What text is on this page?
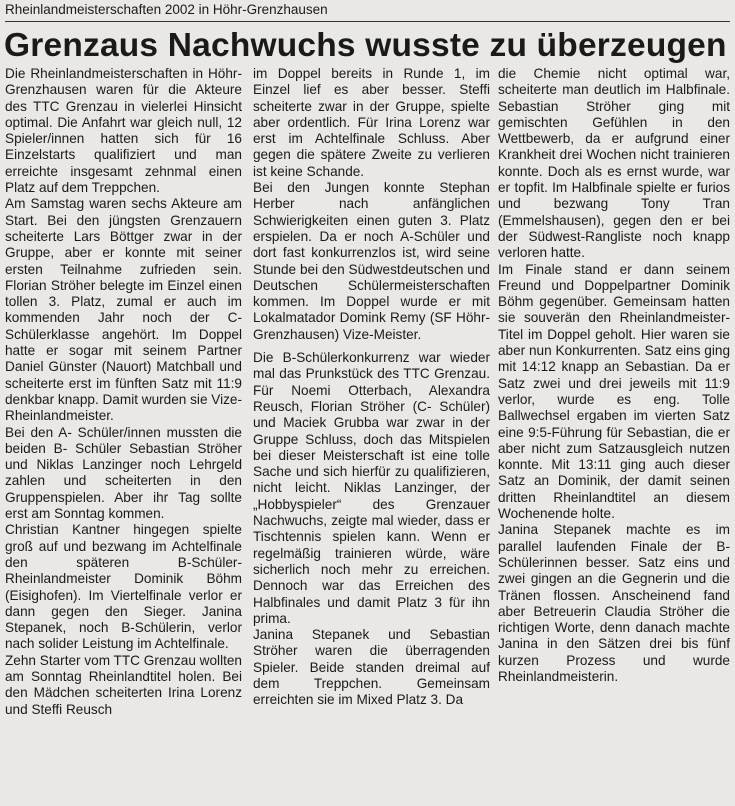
Rheinlandmeisterschaften 2002 in Höhr-Grenzhausen
Grenzaus Nachwuchs wusste zu überzeugen

Die Rheinlandmeisterschaften in Höhr-Grenzhausen waren für die Akteure des TTC Grenzau in vielerlei Hinsicht optimal. Die Anfahrt war gleich null, 12 Spieler/innen hatten sich für 16 Einzelstarts qualifiziert und man erreichte insgesamt zehnmal einen Platz auf dem Treppchen.

Am Samstag waren sechs Akteure am Start. Bei den jüngsten Grenzauern scheiterte Lars Böttger zwar in der Gruppe, aber er konnte mit seiner ersten Teilnahme zufrieden sein. Florian Ströher belegte im Einzel einen tollen 3. Platz, zumal er auch im kommenden Jahr noch der C- Schülerklasse angehört. Im Doppel hatte er sogar mit seinem Partner Daniel Günster (Nauort) Matchball und scheiterte erst im fünften Satz mit 11:9 denkbar knapp. Damit wurden sie Vize-Rheinlandmeister.

Bei den A- Schüler/innen mussten die beiden B- Schüler Sebastian Ströher und Niklas Lanzinger noch Lehrgeld zahlen und scheiterten in den Gruppenspielen. Aber ihr Tag sollte erst am Sonntag kommen.

Christian Kantner hingegen spielte groß auf und bezwang im Achtelfinale den späteren B-Schüler-Rheinlandmeister Dominik Böhm (Eisighofen). Im Viertelfinale verlor er dann gegen den Sieger. Janina Stepanek, noch B-Schülerin, verlor nach solider Leistung im Achtelfinale.

Zehn Starter vom TTC Grenzau wollten am Sonntag Rheinlandtitel holen. Bei den Mädchen scheiterten Irina Lorenz und Steffi Reusch

im Doppel bereits in Runde 1, im Einzel lief es aber besser. Steffi scheiterte zwar in der Gruppe, spielte aber ordentlich. Für Irina Lorenz war erst im Achtelfinale Schluss. Aber gegen die spätere Zweite zu verlieren ist keine Schande.

Bei den Jungen konnte Stephan Herber nach anfänglichen Schwierigkeiten einen guten 3. Platz erspielen. Da er noch A-Schüler und dort fast konkurrenzlos ist, wird seine Stunde bei den Südwestdeutschen und Deutschen Schülermeisterschaften kommen. Im Doppel wurde er mit Lokalmatador Domink Remy (SF Höhr-Grenzhausen) Vize-Meister.

Die B-Schülerkonkurrenz war wieder mal das Prunkstück des TTC Grenzau. Für Noemi Otterbach, Alexandra Reusch, Florian Ströher (C- Schüler) und Maciek Grubba war zwar in der Gruppe Schluss, doch das Mitspielen bei dieser Meisterschaft ist eine tolle Sache und sich hierfür zu qualifizieren, nicht leicht. Niklas Lanzinger, der „Hobbyspieler“ des Grenzauer Nachwuchs, zeigte mal wieder, dass er Tischtennis spielen kann. Wenn er regelmäßig trainieren würde, wäre sicherlich noch mehr zu erreichen. Dennoch war das Erreichen des Halbfinales und damit Platz 3 für ihn prima.

Janina Stepanek und Sebastian Ströher waren die überragenden Spieler. Beide standen dreimal auf dem Treppchen. Gemeinsam erreichten sie im Mixed Platz 3. Da

die Chemie nicht optimal war, scheiterte man deutlich im Halbfinale. Sebastian Ströher ging mit gemischten Gefühlen in den Wettbewerb, da er aufgrund einer Krankheit drei Wochen nicht trainieren konnte. Doch als es ernst wurde, war er topfit. Im Halbfinale spielte er furios und bezwang Tony Tran (Emmelshausen), gegen den er bei der Südwest-Rangliste noch knapp verloren hatte.

Im Finale stand er dann seinem Freund und Doppelpartner Dominik Böhm gegenüber. Gemeinsam hatten sie souverän den Rheinlandmeister-Titel im Doppel geholt. Hier waren sie aber nun Konkurrenten. Satz eins ging mit 14:12 knapp an Sebastian. Da er Satz zwei und drei jeweils mit 11:9 verlor, wurde es eng. Tolle Ballwechsel ergaben im vierten Satz eine 9:5-Führung für Sebastian, die er aber nicht zum Satzausgleich nutzen konnte. Mit 13:11 ging auch dieser Satz an Dominik, der damit seinen dritten Rheinlandtitel an diesem Wochenende holte.

Janina Stepanek machte es im parallel laufenden Finale der B-Schülerinnen besser. Satz eins und zwei gingen an die Gegnerin und die Tränen flossen. Anscheinend fand aber Betreuerin Claudia Ströher die richtigen Worte, denn danach machte Janina in den Sätzen drei bis fünf kurzen Prozess und wurde Rheinlandmeisterin.
